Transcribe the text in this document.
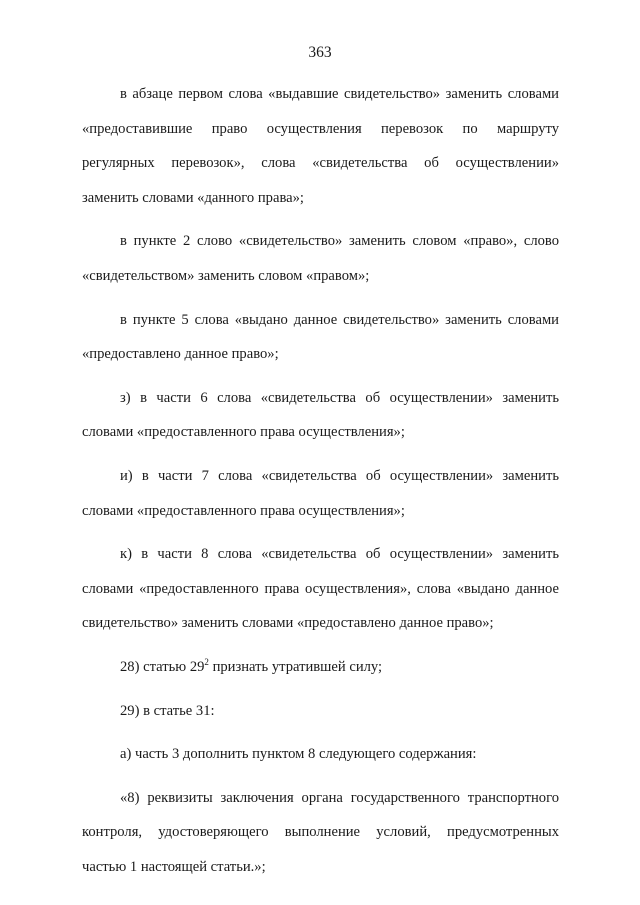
363

в абзаце первом слова «выдавшие свидетельство» заменить словами
«предоставившие право осуществления перевозок по маршруту
регулярных перевозок», слова «свидетельства об осуществлении»
заменить словами «данного права»;

в пункте 2 слово «свидетельство» заменить словом «право», слово
«свидетельством» заменить словом «правом»;

в пункте 5 слова «выдано данное свидетельство» заменить словами
«предоставлено данное право»;

з) в части 6 слова «свидетельства об осуществлении» заменить
словами «предоставленного права осуществления»;

и) в части 7 слова «свидетельства об осуществлении» заменить
словами «предоставленного права осуществления»;

к) в части 8 слова «свидетельства об осуществлении» заменить
словами «предоставленного права осуществления», слова «выдано данное
свидетельство» заменить словами «предоставлено данное право»;

28) статью $29^2$ признать утратившей силу;

29) в статье 31:

а) часть 3 дополнить пунктом 8 следующего содержания:

«8) реквизиты заключения органа государственного транспортного
контроля, удостоверяющего выполнение условий, предусмотренных
частью 1 настоящей статьи.»;
